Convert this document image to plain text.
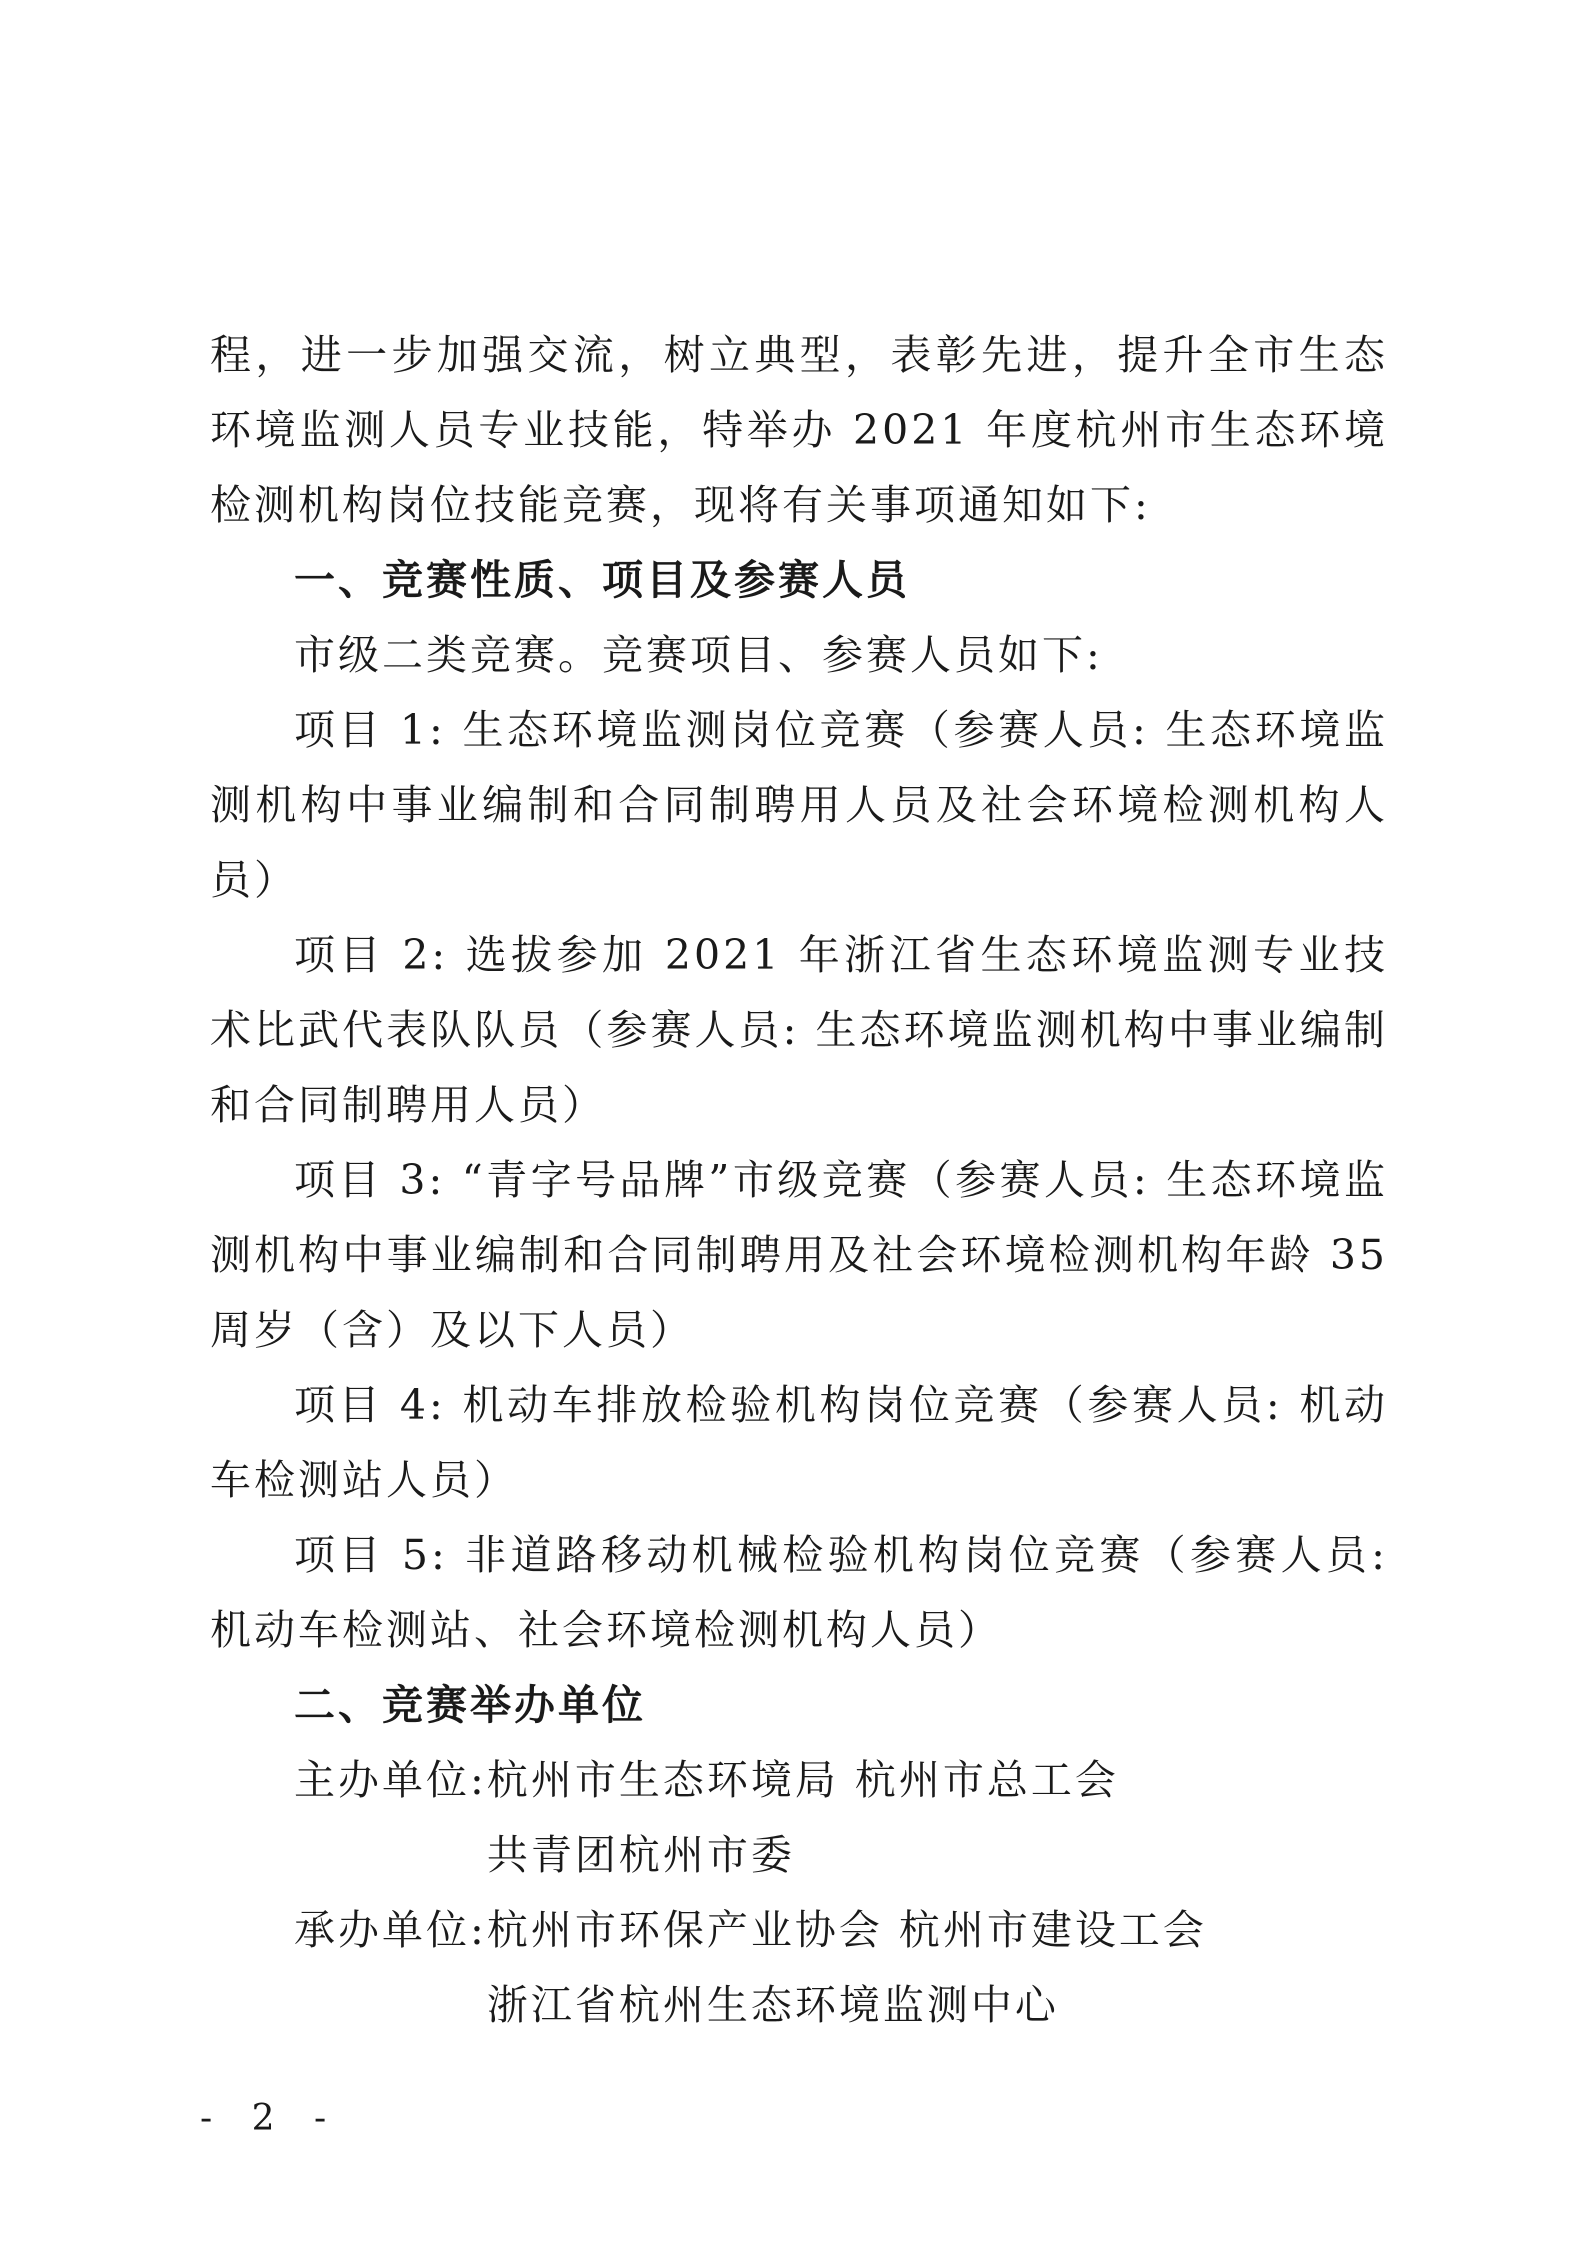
程，进一步加强交流，树立典型，表彰先进，提升全市生态环境监测人员专业技能，特举办 2021 年度杭州市生态环境检测机构岗位技能竞赛，现将有关事项通知如下:

一、竞赛性质、项目及参赛人员

市级二类竞赛。竞赛项目、参赛人员如下:

项目 1: 生态环境监测岗位竞赛（参赛人员: 生态环境监测机构中事业编制和合同制聘用人员及社会环境检测机构人员）

项目 2: 选拔参加 2021 年浙江省生态环境监测专业技术比武代表队队员（参赛人员: 生态环境监测机构中事业编制和合同制聘用人员）

项目 3: “青字号品牌”市级竞赛（参赛人员: 生态环境监测机构中事业编制和合同制聘用及社会环境检测机构年龄 35 周岁（含）及以下人员）

项目 4: 机动车排放检验机构岗位竞赛（参赛人员: 机动车检测站人员）

项目 5: 非道路移动机械检验机构岗位竞赛（参赛人员: 机动车检测站、社会环境检测机构人员）

二、竞赛举办单位

主办单位: 杭州市生态环境局 杭州市总工会
共青团杭州市委
承办单位: 杭州市环保产业协会 杭州市建设工会
浙江省杭州生态环境监测中心
- 2 -
